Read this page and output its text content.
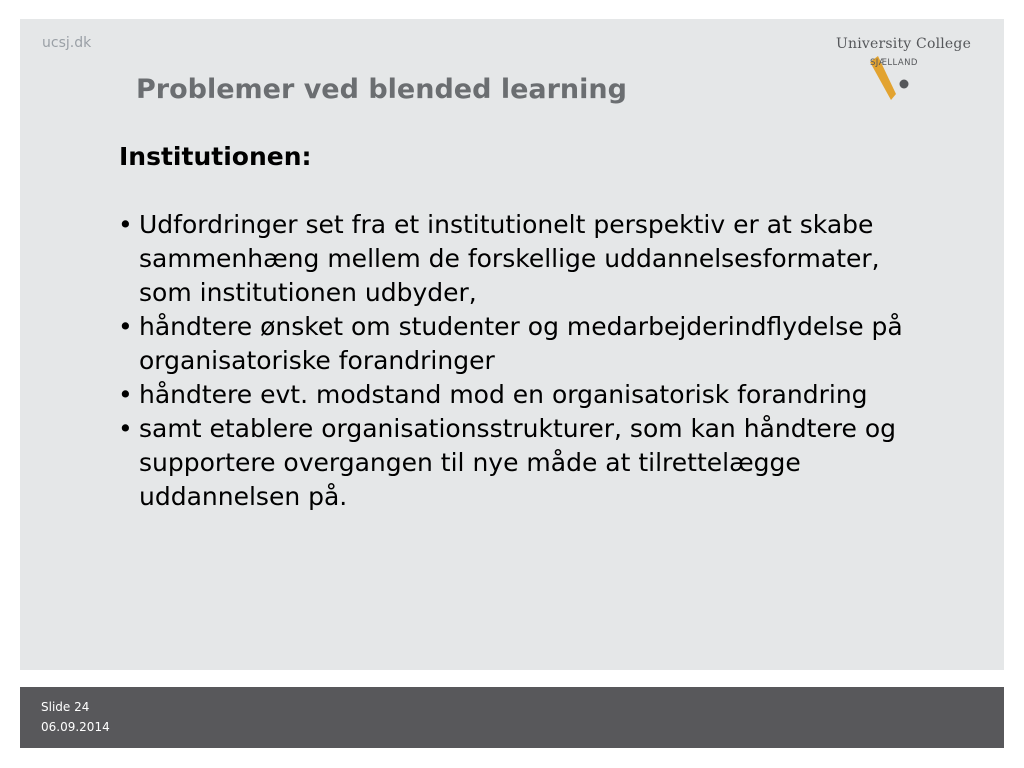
ucsj.dk	University College
SJÆLLAND
Problemer ved blended learning
Institutionen:
• Udfordringer set fra et institutionelt perspektiv er at skabe sammenhæng mellem de forskellige uddannelsesformater, som institutionen udbyder,
• håndtere ønsket om studenter og medarbejderindflydelse på organisatoriske forandringer
• håndtere evt. modstand mod en organisatorisk forandring
• samt etablere organisationsstrukturer, som kan håndtere og supportere overgangen til nye måde at tilrettelægge uddannelsen på.
Slide 24
06.09.2014
